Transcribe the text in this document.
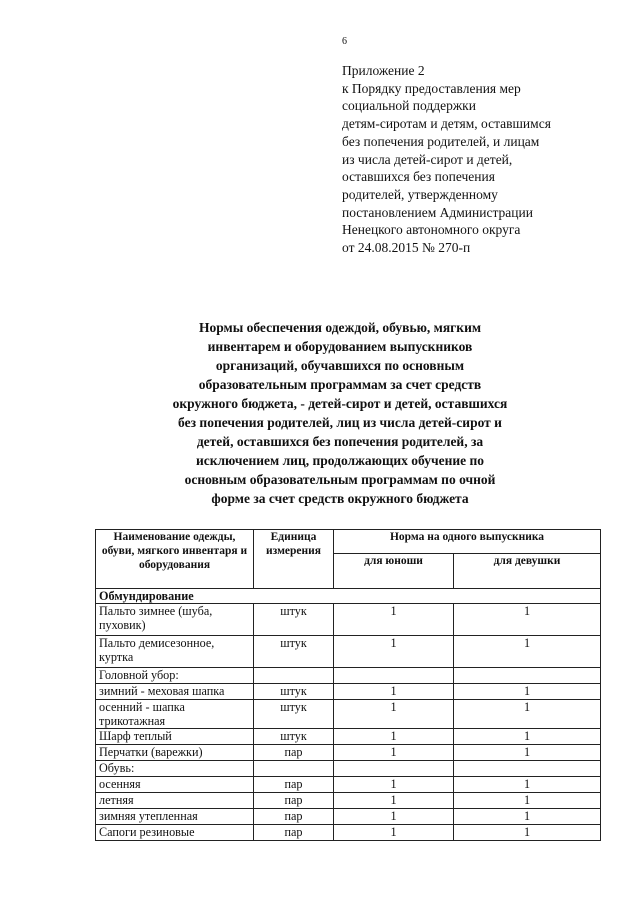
6
Приложение 2
к Порядку предоставления мер
социальной поддержки
детям-сиротам и детям, оставшимся
без попечения родителей, и лицам
из числа детей-сирот и детей,
оставшихся без попечения
родителей, утвержденному
постановлением Администрации
Ненецкого автономного округа
от 24.08.2015 № 270-п
Нормы обеспечения одеждой, обувью, мягким
инвентарем и оборудованием выпускников
организаций, обучавшихся по основным
образовательным программам за счет средств
окружного бюджета, - детей-сирот и детей, оставшихся
без попечения родителей, лиц из числа детей-сирот и
детей, оставшихся без попечения родителей, за
исключением лиц, продолжающих обучение по
основным образовательным программам по очной
форме за счет средств окружного бюджета
Наименование одежды, обуви, мягкого инвентаря и оборудования	Единица измерения	Норма на одного выпускника	
		для юноши	для девушки
Обмундирование			
Пальто зимнее (шуба, пуховик)	штук	1	1
Пальто демисезонное, куртка	штук	1	1
Головной убор:			
зимний - меховая шапка	штук	1	1
осенний - шапка трикотажная	штук	1	1
Шарф теплый	штук	1	1
Перчатки (варежки)	пар	1	1
Обувь:			
осенняя	пар	1	1
летняя	пар	1	1
зимняя утепленная	пар	1	1
Сапоги резиновые	пар	1	1
